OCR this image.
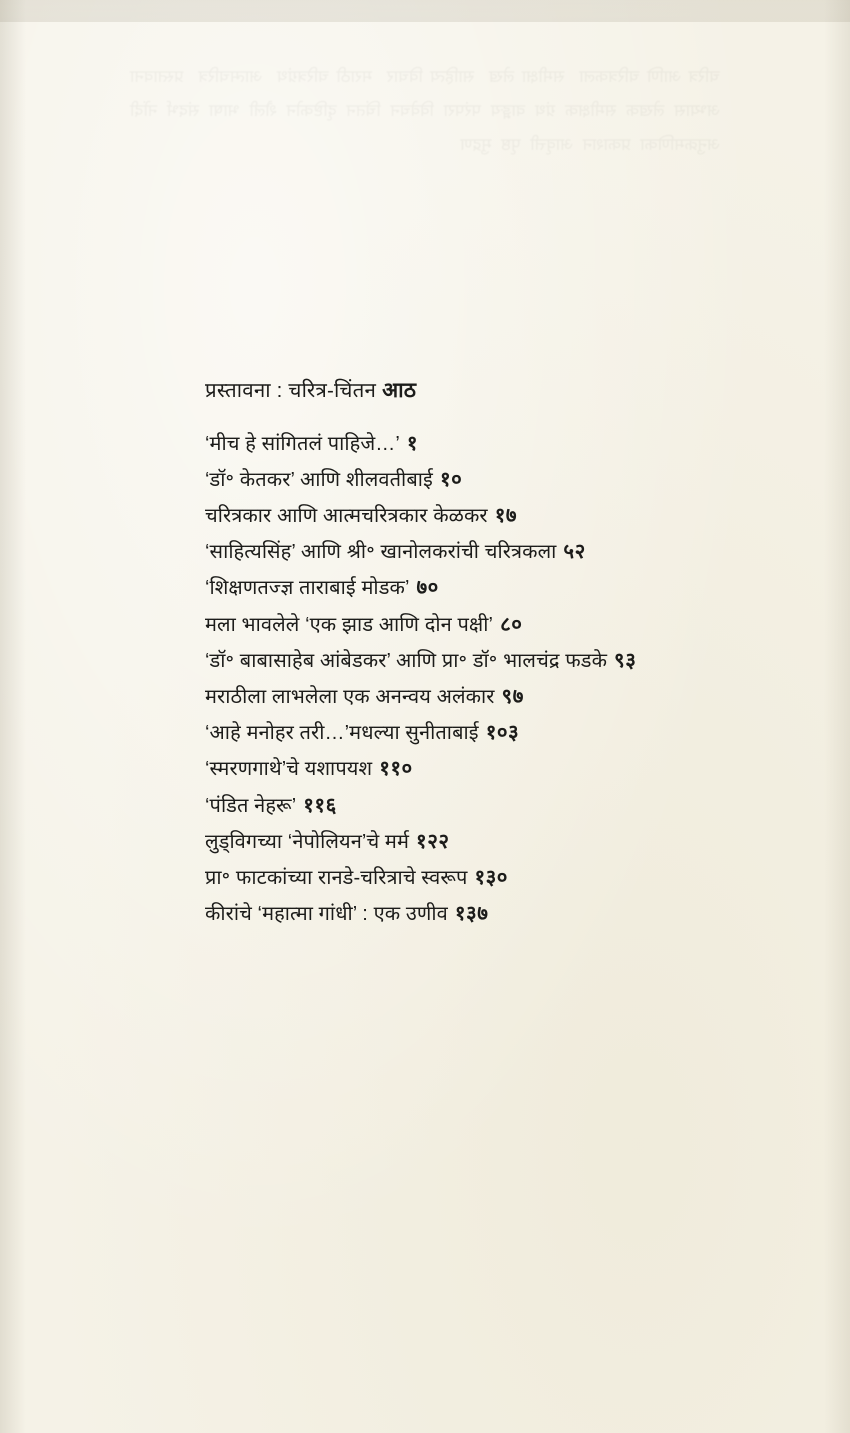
चरित्र आणि चरित्रकला  समीक्षा लेख  साहित्य विचार  मराठी चरित्रग्रंथ  आत्मचरित्र  प्रस्तावना  अभ्यास  लेखक  समीक्षक  ग्रंथ  वाङ्मय  परंपरा  विवेचन  चिंतन  दृष्टिकोन  शैली  भाषा  संदर्भ  नोंदी  अनुक्रमणिका  प्रकाशन  आवृत्ती  पृष्ठ  मुद्रण
प्रस्तावना : चरित्र-चिंतन आठ
‘मीच हे सांगितलं पाहिजे…’ १
‘डॉ॰ केतकर’ आणि शीलवतीबाई १०
चरित्रकार आणि आत्मचरित्रकार केळकर १७
‘साहित्यसिंह’ आणि श्री॰ खानोलकरांची चरित्रकला ५२
‘शिक्षणतज्ज्ञ ताराबाई मोडक’ ७०
मला भावलेले ‘एक झाड आणि दोन पक्षी’ ८०
‘डॉ॰ बाबासाहेब आंबेडकर’ आणि प्रा॰ डॉ॰ भालचंद्र फडके ९३
मराठीला लाभलेला एक अनन्वय अलंकार ९७
‘आहे मनोहर तरी…’मधल्या सुनीताबाई १०३
‘स्मरणगाथे’चे यशापयश ११०
‘पंडित नेहरू’ ११६
लुड्विगच्या ‘नेपोलियन’चे मर्म १२२
प्रा॰ फाटकांच्या रानडे-चरित्राचे स्वरूप १३०
कीरांचे ‘महात्मा गांधी’ : एक उणीव १३७
